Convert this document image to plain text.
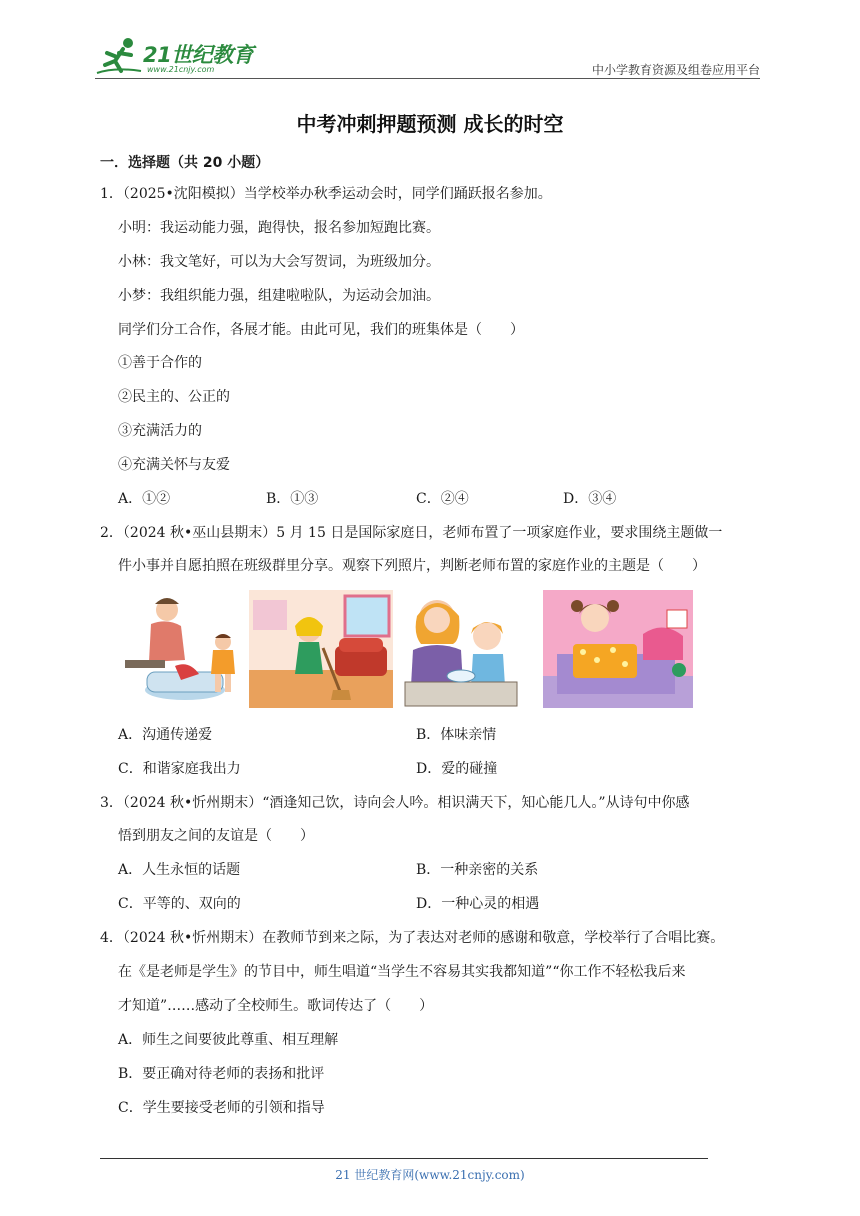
21世纪教育
www.21cnjy.com	中小学教育资源及组卷应用平台
中考冲刺押题预测 成长的时空
一．选择题（共 20 小题）
1．（2025•沈阳模拟）当学校举办秋季运动会时，同学们踊跃报名参加。
小明：我运动能力强，跑得快，报名参加短跑比赛。
小林：我文笔好，可以为大会写贺词，为班级加分。
小梦：我组织能力强，组建啦啦队，为运动会加油。
同学们分工合作，各展才能。由此可见，我们的班集体是（　　）
①善于合作的
②民主的、公正的
③充满活力的
④充满关怀与友爱
A．①②	B．①③	C．②④	D．③④
2．（2024 秋•巫山县期末）5 月 15 日是国际家庭日，老师布置了一项家庭作业，要求围绕主题做一
件小事并自愿拍照在班级群里分享。观察下列照片，判断老师布置的家庭作业的主题是（　　）
A．沟通传递爱	B．体味亲情
C．和谐家庭我出力	D．爱的碰撞
3．（2024 秋•忻州期末）“酒逢知己饮，诗向会人吟。相识满天下，知心能几人。”从诗句中你感
悟到朋友之间的友谊是（　　）
A．人生永恒的话题	B．一种亲密的关系
C．平等的、双向的	D．一种心灵的相遇
4．（2024 秋•忻州期末）在教师节到来之际，为了表达对老师的感谢和敬意，学校举行了合唱比赛。
在《是老师是学生》的节目中，师生唱道“当学生不容易其实我都知道”“你工作不轻松我后来
才知道”……感动了全校师生。歌词传达了（　　）
A．师生之间要彼此尊重、相互理解
B．要正确对待老师的表扬和批评
C．学生要接受老师的引领和指导
21 世纪教育网(www.21cnjy.com)
